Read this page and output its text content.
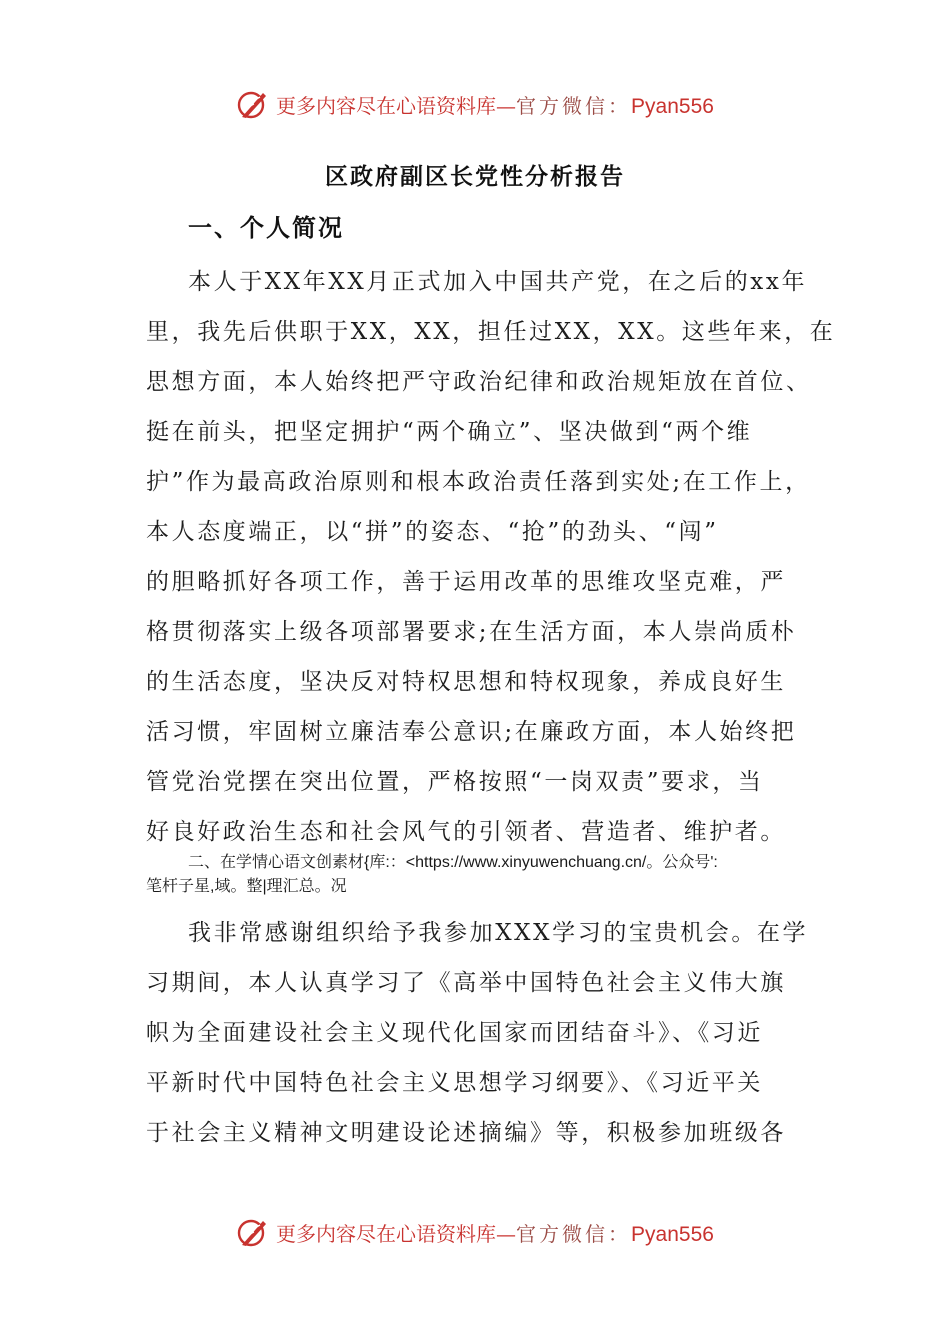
更多内容尽在心语资料库—官方微信：Pyan556
区政府副区长党性分析报告
一、个人简况
本人于XX年XX月正式加入中国共产党，在之后的xx年
里，我先后供职于XX，XX，担任过XX，XX。这些年来，在
思想方面，本人始终把严守政治纪律和政治规矩放在首位、
挺在前头，把坚定拥护“两个确立”、坚决做到“两个维
护”作为最高政治原则和根本政治责任落到实处;在工作上，
本人态度端正，以“拼”的姿态、“抢”的劲头、“闯”
的胆略抓好各项工作，善于运用改革的思维攻坚克难，严
格贯彻落实上级各项部署要求;在生活方面，本人崇尚质朴
的生活态度，坚决反对特权思想和特权现象，养成良好生
活习惯，牢固树立廉洁奉公意识;在廉政方面，本人始终把
管党治党摆在突出位置，严格按照“一岗双责”要求，当
好良好政治生态和社会风气的引领者、营造者、维护者。
二、在学情心语文创素材{库:：<https://www.xinyuwenchuang.cn/。公众号':
笔杆子星,域。整|理汇总。况
我非常感谢组织给予我参加XXX学习的宝贵机会。在学
习期间，本人认真学习了《高举中国特色社会主义伟大旗
帜为全面建设社会主义现代化国家而团结奋斗》、《习近
平新时代中国特色社会主义思想学习纲要》、《习近平关
于社会主义精神文明建设论述摘编》等，积极参加班级各
更多内容尽在心语资料库—官方微信：Pyan556
